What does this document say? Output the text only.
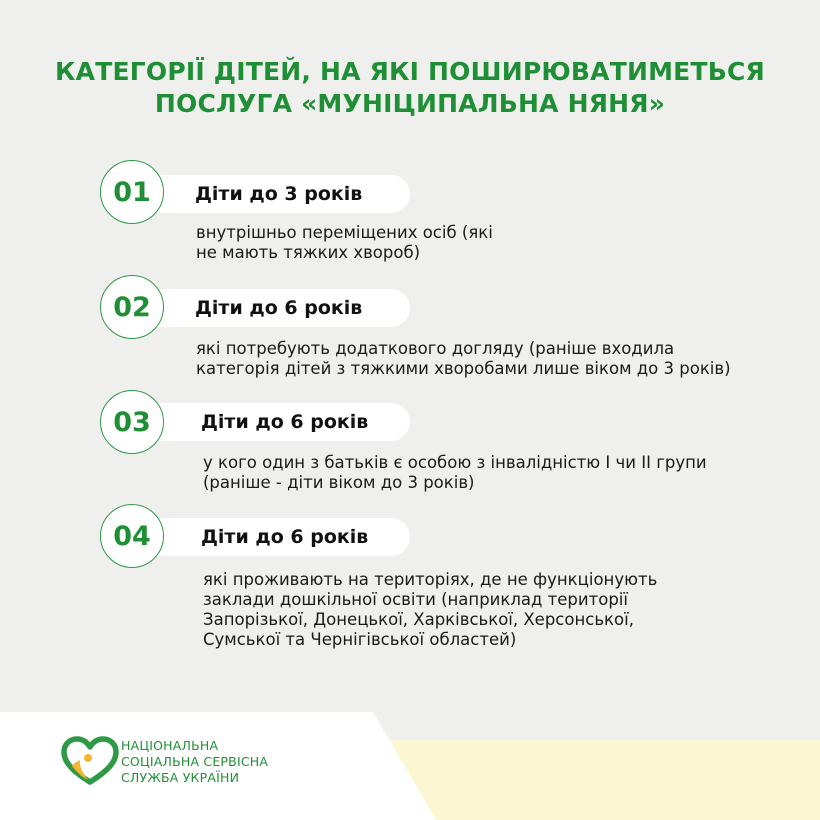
КАТЕГОРІЇ ДІТЕЙ, НА ЯКІ ПОШИРЮВАТИМЕТЬСЯ
ПОСЛУГА «МУНІЦИПАЛЬНА НЯНЯ»
01	Діти до 3 років
внутрішньо переміщених осіб (які
не мають тяжких хвороб)
02	Діти до 6 років
які потребують додаткового догляду (раніше входила
категорія дітей з тяжкими хворобами лише віком до 3 років)
03	Діти до 6 років
у кого один з батьків є особою з інвалідністю І чи ІІ групи
(раніше - діти віком до 3 років)
04	Діти до 6 років
які проживають на територіях, де не функціонують
заклади дошкільної освіти (наприклад території
Запорізької, Донецької, Харківської, Херсонської,
Сумської та Чернігівської областей)
НАЦІОНАЛЬНА
СОЦІАЛЬНА СЕРВІСНА
СЛУЖБА УКРАЇНИ
